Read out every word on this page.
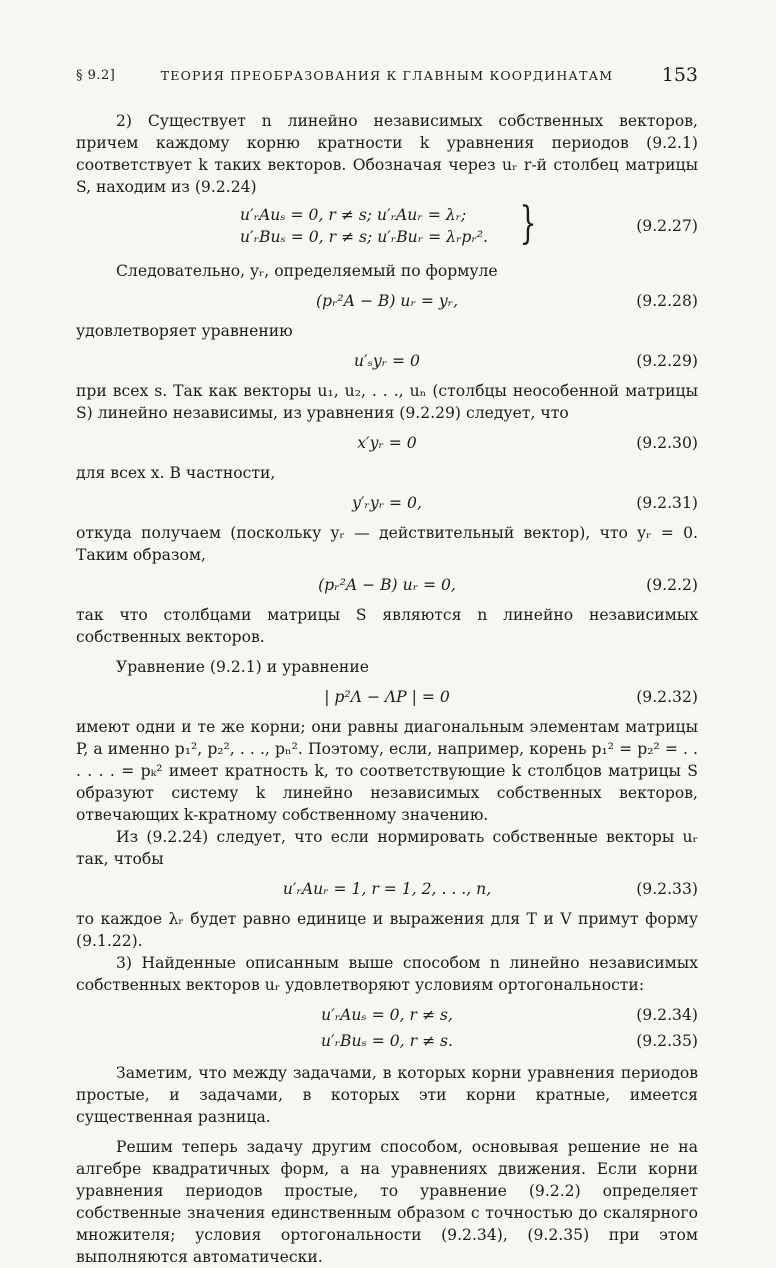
§ 9.2]	ТЕОРИЯ ПРЕОБРАЗОВАНИЯ К ГЛАВНЫМ КООРДИНАТАМ	153

2) Существует n линейно независимых собственных векторов, причем каждому корню кратности k уравнения периодов (9.2.1) соответствует k таких векторов. Обозначая через uᵣ r-й столбец матрицы S, находим из (9.2.24)

u′ᵣAuₛ = 0, r ≠ s; u′ᵣAuᵣ = λᵣ;
u′ᵣBuₛ = 0, r ≠ s; u′ᵣBuᵣ = λᵣpᵣ². }	(9.2.27)

Следовательно, yᵣ, определяемый по формуле

(pᵣ²A − B) uᵣ = yᵣ,	(9.2.28)

удовлетворяет уравнению

u′ₛyᵣ = 0	(9.2.29)

при всех s. Так как векторы u₁, u₂, . . ., uₙ (столбцы неособенной матрицы S) линейно независимы, из уравнения (9.2.29) следует, что

x′yᵣ = 0	(9.2.30)

для всех x. В частности,

y′ᵣyᵣ = 0,	(9.2.31)

откуда получаем (поскольку yᵣ — действительный вектор), что yᵣ = 0. Таким образом,

(pᵣ²A − B) uᵣ = 0,	(9.2.2)

так что столбцами матрицы S являются n линейно независимых собственных векторов.

Уравнение (9.2.1) и уравнение

| p²Λ − ΛP | = 0	(9.2.32)

имеют одни и те же корни; они равны диагональным элементам матрицы P, а именно p₁², p₂², . . ., pₙ². Поэтому, если, например, корень p₁² = p₂² = . . . . . . = pₖ² имеет кратность k, то соответствующие k столбцов матрицы S образуют систему k линейно независимых собственных векторов, отвечающих k-кратному собственному значению.

Из (9.2.24) следует, что если нормировать собственные векторы uᵣ так, чтобы

u′ᵣAuᵣ = 1, r = 1, 2, . . ., n,	(9.2.33)

то каждое λᵣ будет равно единице и выражения для T и V примут форму (9.1.22).

3) Найденные описанным выше способом n линейно независимых собственных векторов uᵣ удовлетворяют условиям ортогональности:

u′ᵣAuₛ = 0, r ≠ s,	(9.2.34)
u′ᵣBuₛ = 0, r ≠ s.	(9.2.35)

Заметим, что между задачами, в которых корни уравнения периодов простые, и задачами, в которых эти корни кратные, имеется существенная разница.

Решим теперь задачу другим способом, основывая решение не на алгебре квадратичных форм, а на уравнениях движения. Если корни уравнения периодов простые, то уравнение (9.2.2) определяет собственные значения единственным образом с точностью до скалярного множителя; условия ортогональности (9.2.34), (9.2.35) при этом выполняются автоматически.
